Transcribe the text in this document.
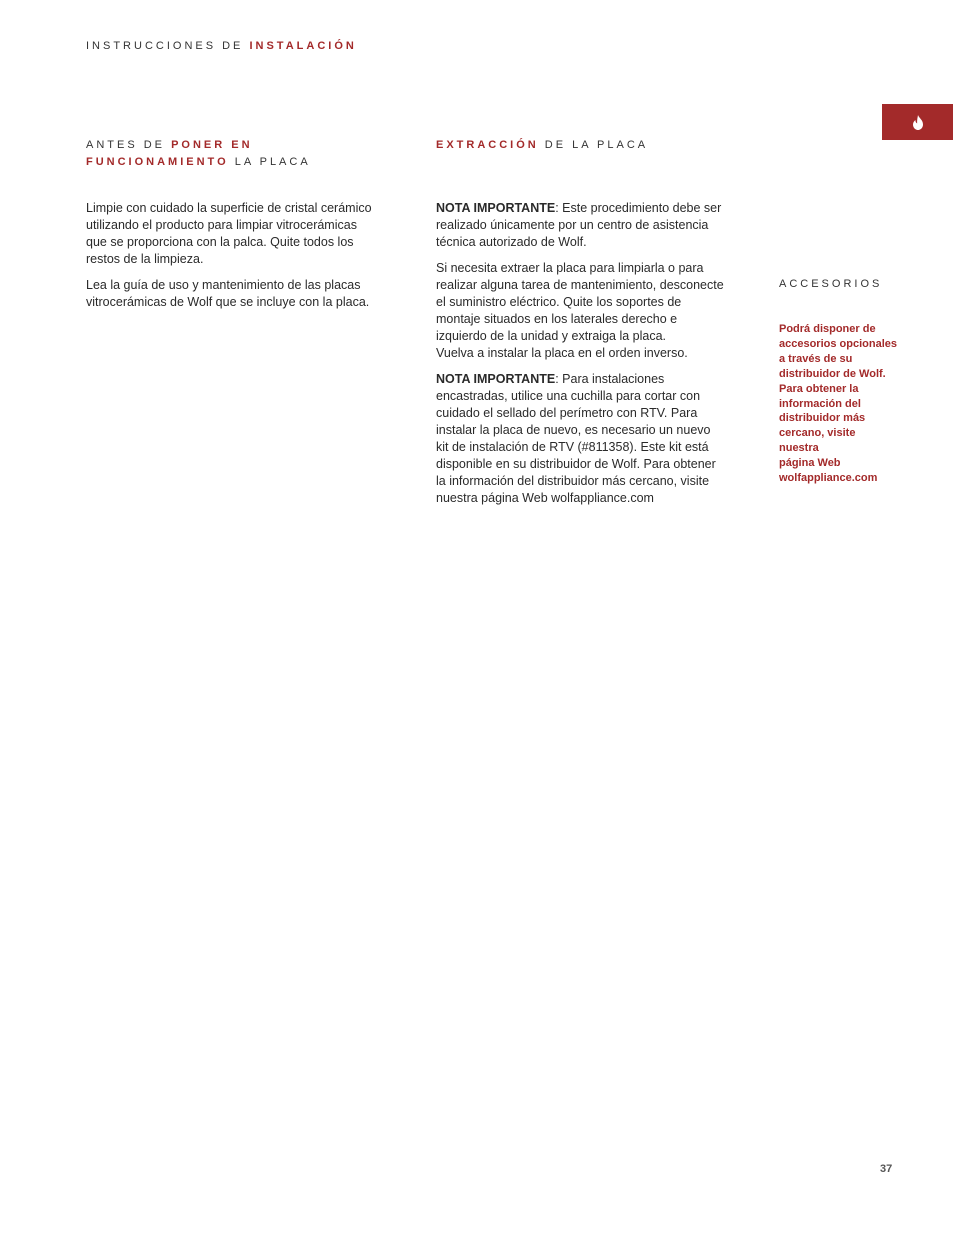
INSTRUCCIONES DE INSTALACIÓN
ANTES DE PONER EN
FUNCIONAMIENTO LA PLACA

Limpie con cuidado la superficie de cristal cerámico
utilizando el producto para limpiar vitrocerámicas
que se proporciona con la palca. Quite todos los
restos de la limpieza.

Lea la guía de uso y mantenimiento de las placas
vitrocerámicas de Wolf que se incluye con la placa.

EXTRACCIÓN DE LA PLACA

NOTA IMPORTANTE: Este procedimiento debe ser
realizado únicamente por un centro de asistencia
técnica autorizado de Wolf.

Si necesita extraer la placa para limpiarla o para
realizar alguna tarea de mantenimiento, desconecte
el suministro eléctrico. Quite los soportes de
montaje situados en los laterales derecho e
izquierdo de la unidad y extraiga la placa.
Vuelva a instalar la placa en el orden inverso.

NOTA IMPORTANTE: Para instalaciones
encastradas, utilice una cuchilla para cortar con
cuidado el sellado del perímetro con RTV. Para
instalar la placa de nuevo, es necesario un nuevo
kit de instalación de RTV (#811358). Este kit está
disponible en su distribuidor de Wolf. Para obtener
la información del distribuidor más cercano, visite
nuestra página Web wolfappliance.com

ACCESORIOS
Podrá disponer de
accesorios opcionales
a través de su
distribuidor de Wolf.
Para obtener la
información del
distribuidor más
cercano, visite
nuestra
página Web
wolfappliance.com
37
